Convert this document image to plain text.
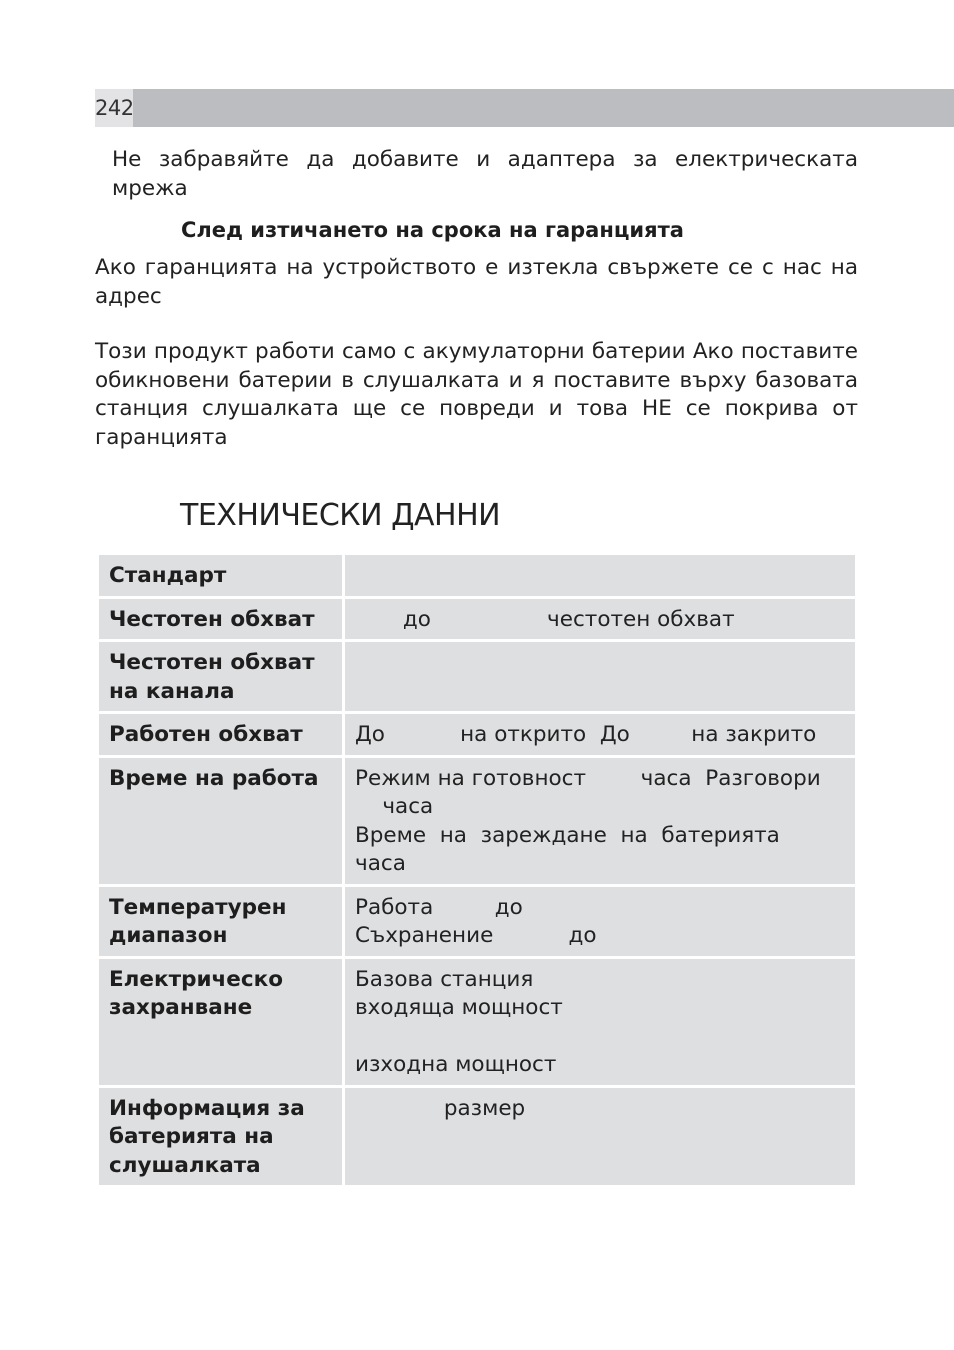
242

Не забравяйте да добавите и адаптера за електрическата мрежа

След изтичането на срока на гаранцията

Ако гаранцията на устройството е изтекла свържете се с нас на адрес

Този продукт работи само с акумулаторни батерии Ако поставите обикновени батерии в слушалката и я поставите върху базовата станция слушалката ще се повреди и това НЕ се покрива от гаранцията

ТЕХНИЧЕСКИ ДАННИ
Стандарт	

Честотен обхват	до                 честотен обхват

Честотен обхват на канала	

Работен обхват	До           на открито  До         на закрито

Време на работа	Режим на готовност        часа  Разговори
часа
Време  на  зареждане  на  батерията
часа

Температурен диапазон	Работа         до
Съхранение           до

Електрическо захранване	Базова станция
входяща мощност

изходна мощност

Информация за батерията на слушалката	размер
